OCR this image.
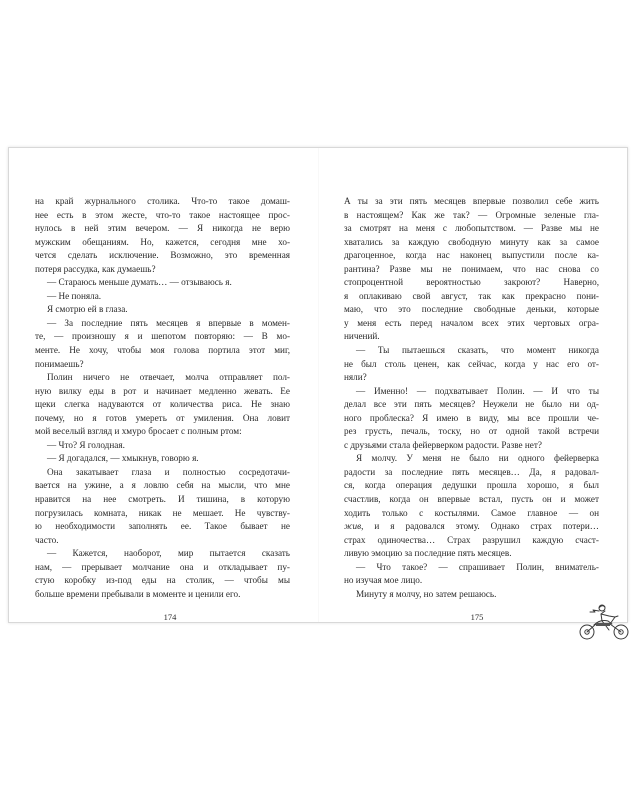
на край журнального столика. Что-то такое домаш-
нее есть в этом жесте, что-то такое настоящее прос-
нулось в ней этим вечером. — Я никогда не верю
мужским обещаниям. Но, кажется, сегодня мне хо-
чется сделать исключение. Возможно, это временная
потеря рассудка, как думаешь?
— Стараюсь меньше думать… — отзываюсь я.
— Не поняла.
Я смотрю ей в глаза.
— За последние пять месяцев я впервые в момен-
те, — произношу я и шепотом повторяю: — В мо-
менте. Не хочу, чтобы моя голова портила этот миг,
понимаешь?
Полин ничего не отвечает, молча отправляет пол-
ную вилку еды в рот и начинает медленно жевать. Ее
щеки слегка надуваются от количества риса. Не знаю
почему, но я готов умереть от умиления. Она ловит
мой веселый взгляд и хмуро бросает с полным ртом:
— Что? Я голодная.
— Я догадался, — хмыкнув, говорю я.
Она закатывает глаза и полностью сосредотачи-
вается на ужине, а я ловлю себя на мысли, что мне
нравится на нее смотреть. И тишина, в которую
погрузилась комната, никак не мешает. Не чувству-
ю необходимости заполнять ее. Такое бывает не
часто.
— Кажется, наоборот, мир пытается сказать
нам, — прерывает молчание она и откладывает пу-
стую коробку из-под еды на столик, — чтобы мы
больше времени пребывали в моменте и ценили его.
А ты за эти пять месяцев впервые позволил себе жить
в настоящем? Как же так? — Огромные зеленые гла-
за смотрят на меня с любопытством. — Разве мы не
хватались за каждую свободную минуту как за самое
драгоценное, когда нас наконец выпустили после ка-
рантина? Разве мы не понимаем, что нас снова со
стопроцентной вероятностью закроют? Наверно,
я оплакиваю свой август, так как прекрасно пони-
маю, что это последние свободные деньки, которые
у меня есть перед началом всех этих чертовых огра-
ничений.
— Ты пытаешься сказать, что момент никогда
не был столь ценен, как сейчас, когда у нас его от-
няли?
— Именно! — подхватывает Полин. — И что ты
делал все эти пять месяцев? Неужели не было ни од-
ного проблеска? Я имею в виду, мы все прошли че-
рез грусть, печаль, тоску, но от одной такой встречи
с друзьями стала фейерверком радости. Разве нет?
Я молчу. У меня не было ни одного фейерверка
радости за последние пять месяцев… Да, я радовал-
ся, когда операция дедушки прошла хорошо, я был
счастлив, когда он впервые встал, пусть он и может
ходить только с костылями. Самое главное — он
жив, и я радовался этому. Однако страх потери…
страх одиночества… Страх разрушил каждую счаст-
ливую эмоцию за последние пять месяцев.
— Что такое? — спрашивает Полин, вниматель-
но изучая мое лицо.
Минуту я молчу, но затем решаюсь.
174	175
